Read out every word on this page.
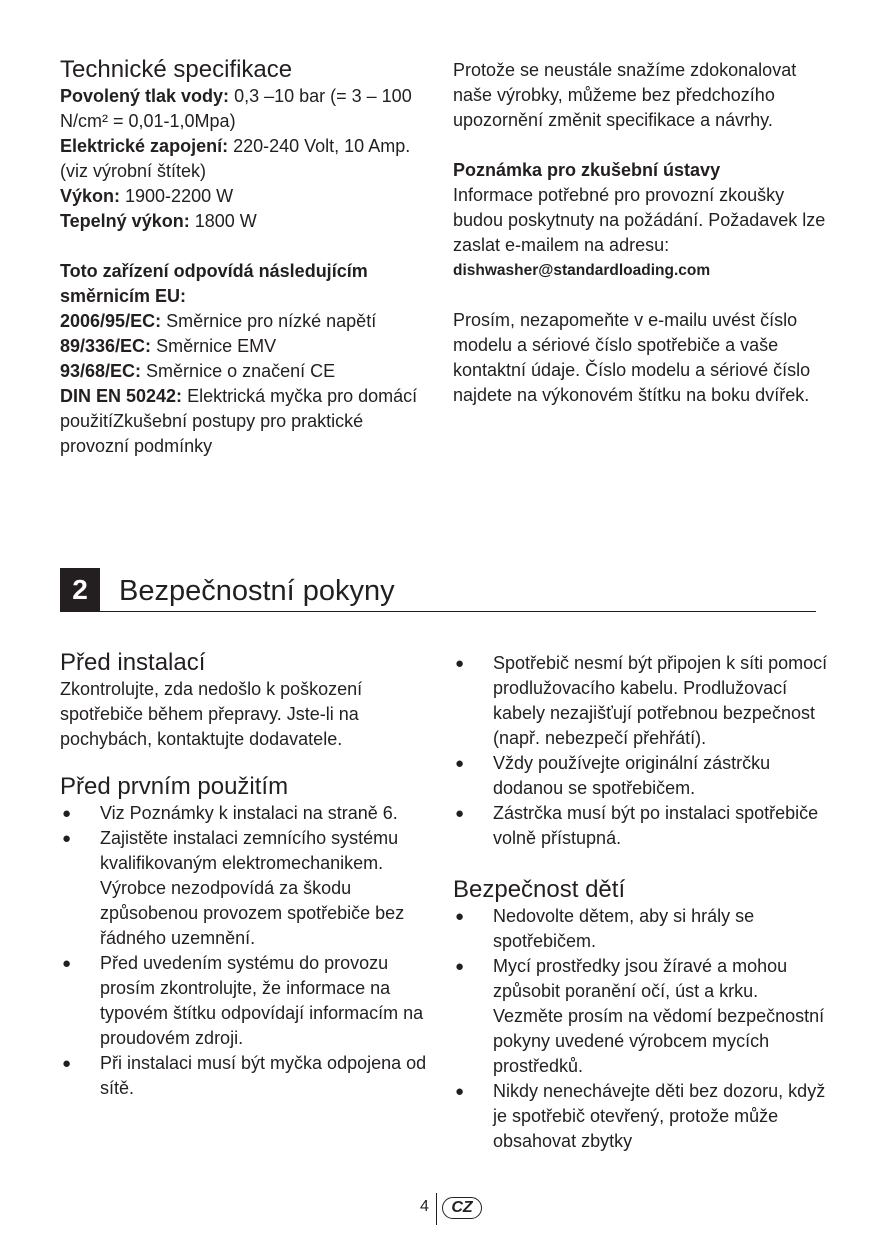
Technické specifikace

Povolený tlak vody: 0,3 –10 bar (= 3 – 100 N/cm² = 0,01-1,0Mpa)

Elektrické zapojení: 220-240 Volt, 10 Amp. (viz výrobní štítek)

Výkon: 1900-2200 W

Tepelný výkon: 1800 W

Toto zařízení odpovídá následujícím směrnicím EU:

2006/95/EC: Směrnice pro nízké napětí

89/336/EC: Směrnice EMV

93/68/EC: Směrnice o značení CE

DIN EN 50242: Elektrická myčka pro domácí použitíZkušební postupy pro praktické provozní podmínky

Protože se neustále snažíme zdokonalovat naše výrobky, můžeme bez předchozího upozornění změnit specifikace a návrhy.

Poznámka pro zkušební ústavy

Informace potřebné pro provozní zkoušky budou poskytnuty na požádání. Požadavek lze zaslat e-mailem na adresu:

dishwasher@standardloading.com

Prosím, nezapomeňte v e-mailu uvést číslo modelu a sériové číslo spotřebiče a vaše kontaktní údaje. Číslo modelu a sériové číslo najdete na výkonovém štítku na boku dvířek.

2	Bezpečnostní pokyny
Před instalací

Zkontrolujte, zda nedošlo k poškození spotřebiče během přepravy. Jste-li na pochybách, kontaktujte dodavatele.

Před prvním použitím
● Viz Poznámky k instalaci na straně 6.
● Zajistěte instalaci zemnícího systému kvalifikovaným elektromechanikem. Výrobce nezodpovídá za škodu způsobenou provozem spotřebiče bez řádného uzemnění.
● Před uvedením systému do provozu prosím zkontrolujte, že informace na typovém štítku odpovídají informacím na proudovém zdroji.
● Při instalaci musí být myčka odpojena od sítě.
● Spotřebič nesmí být připojen k síti pomocí prodlužovacího kabelu. Prodlužovací kabely nezajišťují potřebnou bezpečnost (např. nebezpečí přehřátí).
● Vždy používejte originální zástrčku dodanou se spotřebičem.
● Zástrčka musí být po instalaci spotřebiče volně přístupná.
Bezpečnost dětí
● Nedovolte dětem, aby si hrály se spotřebičem.
● Mycí prostředky jsou žíravé a mohou způsobit poranění očí, úst a krku. Vezměte prosím na vědomí bezpečnostní pokyny uvedené výrobcem mycích prostředků.
● Nikdy nenechávejte děti bez dozoru, když je spotřebič otevřený, protože může obsahovat zbytky
4	CZ
